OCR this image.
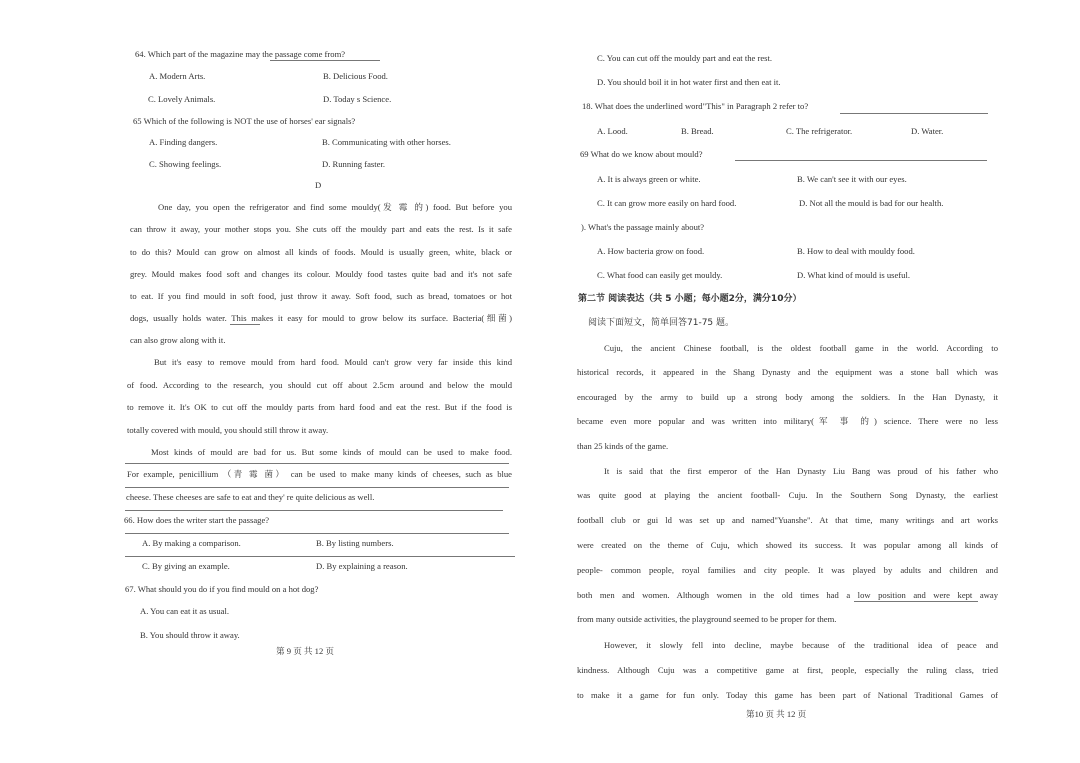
64. Which part of the magazine may the passage come from?
A. Modern Arts.	B. Delicious Food.
C. Lovely Animals.	D. Today s Science.
65 Which of the following is NOT the use of horses' ear signals?
A. Finding dangers.	B. Communicating with other horses.
C. Showing feelings.	D. Running faster.
D
One day, you open the refrigerator and find some mouldy(发 霉 的) food. But before you
can throw it away, your mother stops you. She cuts off the mouldy part and eats the rest. Is it safe
to do this? Mould can grow on almost all kinds of foods. Mould is usually green, white, black or
grey. Mould makes food soft and changes its colour. Mouldy food tastes quite bad and it's not safe
to eat. If you find mould in soft food, just throw it away. Soft food, such as bread, tomatoes or hot
dogs, usually holds water. This makes it easy for mould to grow below its surface. Bacteria(细菌)
can also grow along with it.
But it's easy to remove mould from hard food. Mould can't grow very far inside this kind
of food. According to the research, you should cut off about 2.5cm around and below the mould
to remove it. It's OK to cut off the mouldy parts from hard food and eat the rest. But if the food is
totally covered with mould, you should still throw it away.
Most kinds of mould are bad for us. But some kinds of mould can be used to make food.
For example, penicillium （青 霉 菌） can be used to make many kinds of cheeses, such as blue
cheese. These cheeses are safe to eat and they' re quite delicious as well.
66. How does the writer start the passage?
A. By making a comparison.	B. By listing numbers.
C. By giving an example.	D. By explaining a reason.
67. What should you do if you find mould on a hot dog?
A. You can eat it as usual.
B. You should throw it away.
第 9 页 共 12 页
C. You can cut off the mouldy part and eat the rest.
D. You should boil it in hot water first and then eat it.
18. What does the underlined word"This" in Paragraph 2 refer to?
A. Lood.	B. Bread.	C. The refrigerator.	D. Water.
69 What do we know about mould?
A. It is always green or white.	B. We can't see it with our eyes.
C. It can grow more easily on hard food.	D. Not all the mould is bad for our health.
). What's the passage mainly about?
A. How bacteria grow on food.	B. How to deal with mouldy food.
C. What food can easily get mouldy.	D. What kind of mould is useful.
第二节 阅读表达（共 5 小题；每小题2分，满分10分）
阅读下面短文，简单回答71-75 题。
Cuju, the ancient Chinese football, is the oldest football game in the world. According to
historical records, it appeared in the Shang Dynasty and the equipment was a stone ball which was
encouraged by the army to build up a strong body among the soldiers. In the Han Dynasty, it
became even more popular and was written into military(军 事 的) science. There were no less
than 25 kinds of the game.
It is said that the first emperor of the Han Dynasty Liu Bang was proud of his father who
was quite good at playing the ancient football- Cuju. In the Southern Song Dynasty, the earliest
football club or gui ld was set up and named"Yuanshe". At that time, many writings and art works
were created on the theme of Cuju, which showed its success. It was popular among all kinds of
people- common people, royal families and city people. It was played by adults and children and
both men and women. Although women in the old times had a low position and were kept away
from many outside activities, the playground seemed to be proper for them.
However, it slowly fell into decline, maybe because of the traditional idea of peace and
kindness. Although Cuju was a competitive game at first, people, especially the ruling class, tried
to make it a game for fun only. Today this game has been part of National Traditional Games of
第10 页 共 12 页
